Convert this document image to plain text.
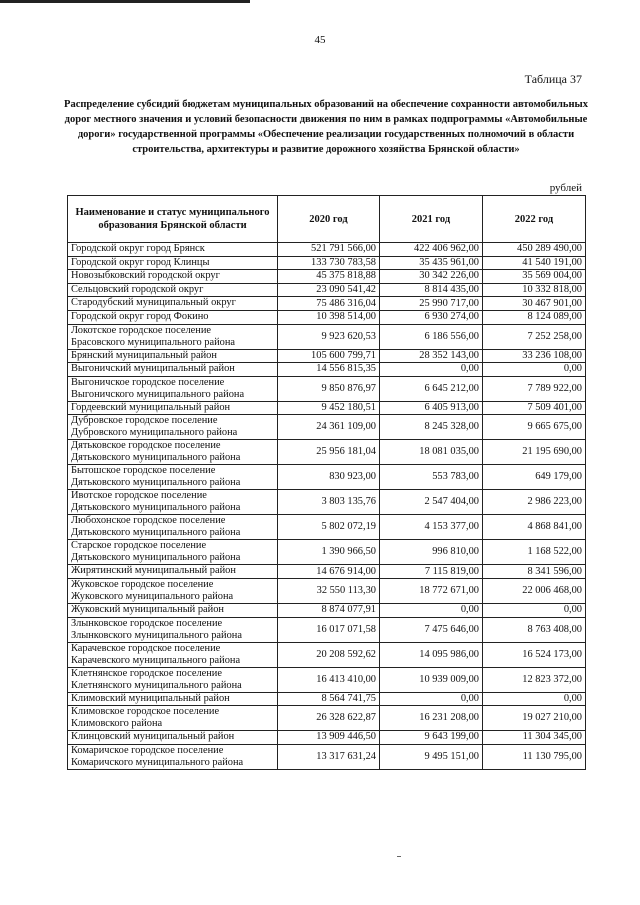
45
Таблица 37
Распределение субсидий бюджетам муниципальных образований на обеспечение сохранности автомобильных дорог местного значения и условий безопасности движения по ним в рамках подпрограммы «Автомобильные дороги» государственной программы «Обеспечение реализации государственных полномочий в области строительства, архитектуры и развитие дорожного хозяйства Брянской области»
рублей
Наименование и статус муниципального образования Брянской области	2020 год	2021 год	2022 год

Городской округ город Брянск	521 791 566,00	422 406 962,00	450 289 490,00

Городской округ город Клинцы	133 730 783,58	35 435 961,00	41 540 191,00

Новозыбковский городской округ	45 375 818,88	30 342 226,00	35 569 004,00

Сельцовский городской округ	23 090 541,42	8 814 435,00	10 332 818,00

Стародубский муниципальный округ	75 486 316,04	25 990 717,00	30 467 901,00

Городской округ город Фокино	10 398 514,00	6 930 274,00	8 124 089,00

Локотское городское поселение
Брасовского муниципального района	9 923 620,53	6 186 556,00	7 252 258,00

Брянский муниципальный район	105 600 799,71	28 352 143,00	33 236 108,00

Выгоничский муниципальный район	14 556 815,35	0,00	0,00

Выгоничское городское поселение
Выгоничского муниципального района	9 850 876,97	6 645 212,00	7 789 922,00

Гордеевский муниципальный район	9 452 180,51	6 405 913,00	7 509 401,00

Дубровское городское поселение
Дубровского муниципального района	24 361 109,00	8 245 328,00	9 665 675,00

Дятьковское городское поселение
Дятьковского муниципального района	25 956 181,04	18 081 035,00	21 195 690,00

Бытошское городское поселение
Дятьковского муниципального района	830 923,00	553 783,00	649 179,00

Ивотское городское поселение
Дятьковского муниципального района	3 803 135,76	2 547 404,00	2 986 223,00

Любохонское городское поселение
Дятьковского муниципального района	5 802 072,19	4 153 377,00	4 868 841,00

Старское городское поселение
Дятьковского муниципального района	1 390 966,50	996 810,00	1 168 522,00

Жирятинский муниципальный район	14 676 914,00	7 115 819,00	8 341 596,00

Жуковское городское поселение
Жуковского муниципального района	32 550 113,30	18 772 671,00	22 006 468,00

Жуковский муниципальный район	8 874 077,91	0,00	0,00

Злынковское городское поселение
Злынковского муниципального района	16 017 071,58	7 475 646,00	8 763 408,00

Карачевское городское поселение
Карачевского муниципального района	20 208 592,62	14 095 986,00	16 524 173,00

Клетнянское городское поселение
Клетнянского муниципального района	16 413 410,00	10 939 009,00	12 823 372,00

Климовский муниципальный район	8 564 741,75	0,00	0,00

Климовское городское поселение
Климовского района	26 328 622,87	16 231 208,00	19 027 210,00

Клинцовский муниципальный район	13 909 446,50	9 643 199,00	11 304 345,00

Комаричское городское поселение
Комаричского муниципального района	13 317 631,24	9 495 151,00	11 130 795,00
